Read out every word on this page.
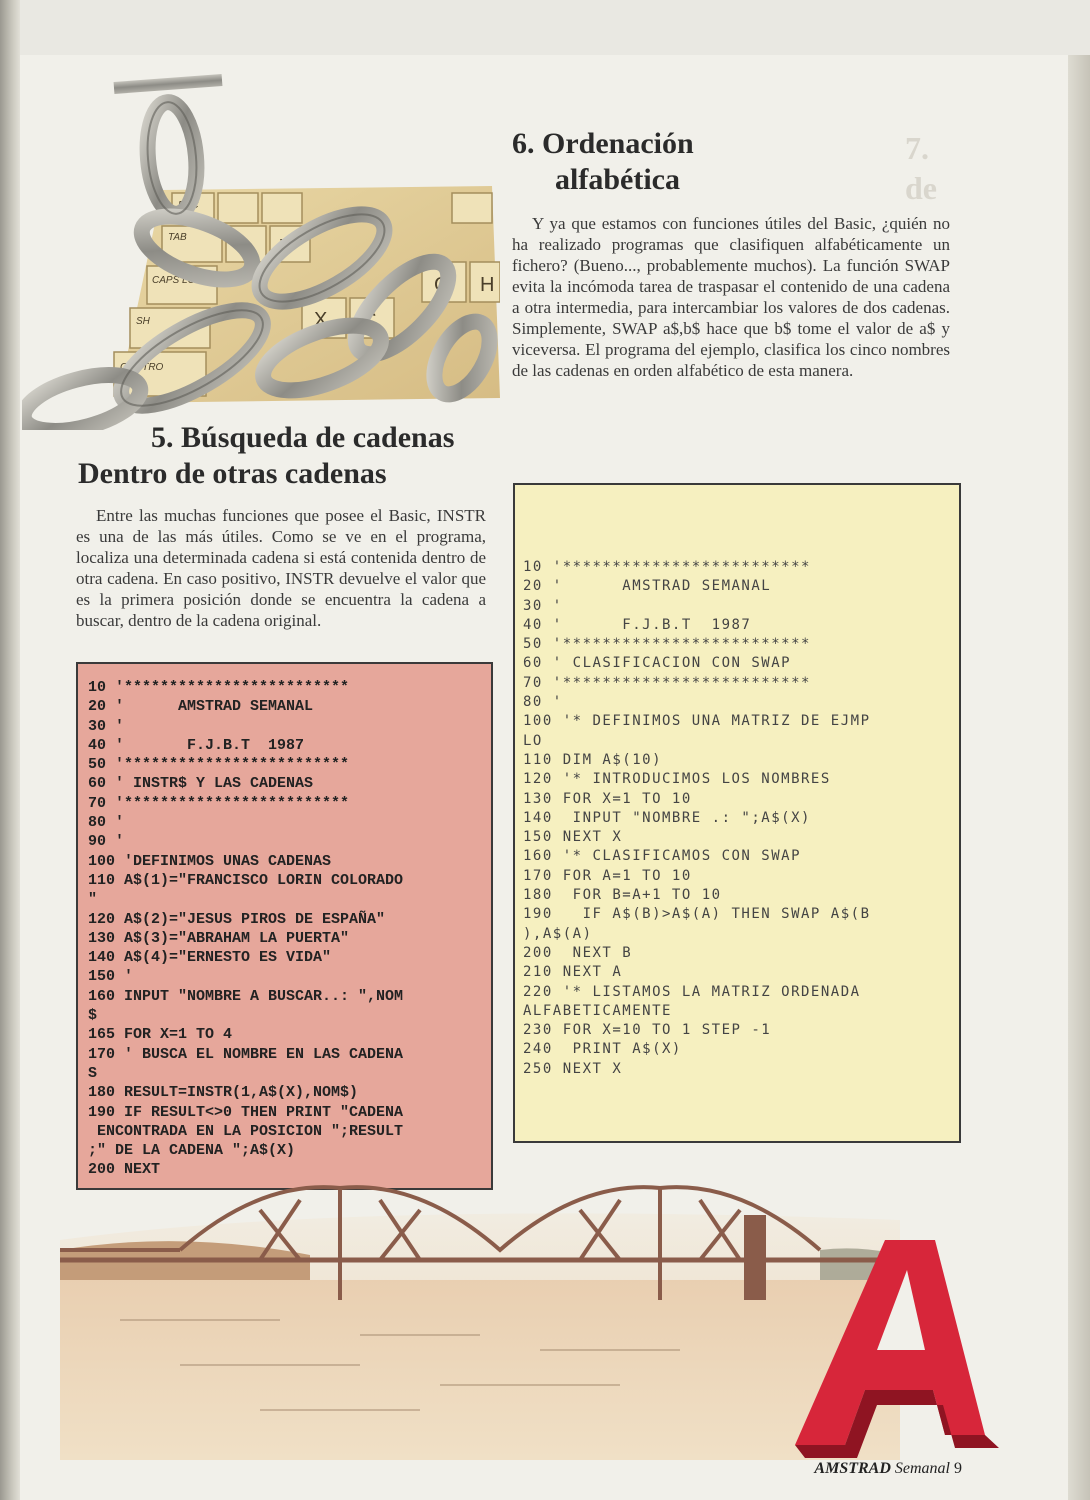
7.
de
ESC
TAB
CAPS LOCK
SH
CONTRO
Q V
G
X C
H
6. Ordenación
alfabética

Y ya que estamos con funciones útiles del Basic, ¿quién no ha realizado programas que clasifiquen alfabéticamente un fichero? (Bueno..., probablemente muchos). La función SWAP evita la incómoda tarea de traspasar el contenido de una cadena a otra intermedia, para intercambiar los valores de dos cadenas. Simplemente, SWAP a$,b$ hace que b$ tome el valor de a$ y viceversa. El programa del ejemplo, clasifica los cinco nombres de las cadenas en orden alfabético de esta manera.

5. Búsqueda de cadenas
Dentro de otras cadenas

Entre las muchas funciones que posee el Basic, INSTR es una de las más útiles. Como se ve en el programa, localiza una determinada cadena si está contenida dentro de otra cadena. En caso positivo, INSTR devuelve el valor que es la primera posición donde se encuentra la cadena a buscar, dentro de la cadena original.

10 '*************************
20 '      AMSTRAD SEMANAL
30 '
40 '       F.J.B.T  1987
50 '*************************
60 ' INSTR$ Y LAS CADENAS
70 '*************************
80 '
90 '
100 'DEFINIMOS UNAS CADENAS
110 A$(1)="FRANCISCO LORIN COLORADO
"
120 A$(2)="JESUS PIROS DE ESPAÑA"
130 A$(3)="ABRAHAM LA PUERTA"
140 A$(4)="ERNESTO ES VIDA"
150 '
160 INPUT "NOMBRE A BUSCAR..: ",NOM
$
165 FOR X=1 TO 4
170 ' BUSCA EL NOMBRE EN LAS CADENA
S
180 RESULT=INSTR(1,A$(X),NOM$)
190 IF RESULT<>0 THEN PRINT "CADENA
ENCONTRADA EN LA POSICION ";RESULT
;" DE LA CADENA ";A$(X)
200 NEXT
10 '*************************
20 '      AMSTRAD SEMANAL
30 '
40 '      F.J.B.T  1987
50 '*************************
60 ' CLASIFICACION CON SWAP
70 '*************************
80 '
100 '* DEFINIMOS UNA MATRIZ DE EJMP
LO
110 DIM A$(10)
120 '* INTRODUCIMOS LOS NOMBRES
130 FOR X=1 TO 10
140  INPUT "NOMBRE .: ";A$(X)
150 NEXT X
160 '* CLASIFICAMOS CON SWAP
170 FOR A=1 TO 10
180  FOR B=A+1 TO 10
190   IF A$(B)>A$(A) THEN SWAP A$(B
),A$(A)
200  NEXT B
210 NEXT A
220 '* LISTAMOS LA MATRIZ ORDENADA
ALFABETICAMENTE
230 FOR X=10 TO 1 STEP -1
240  PRINT A$(X)
250 NEXT X
AMSTRAD Semanal 9
